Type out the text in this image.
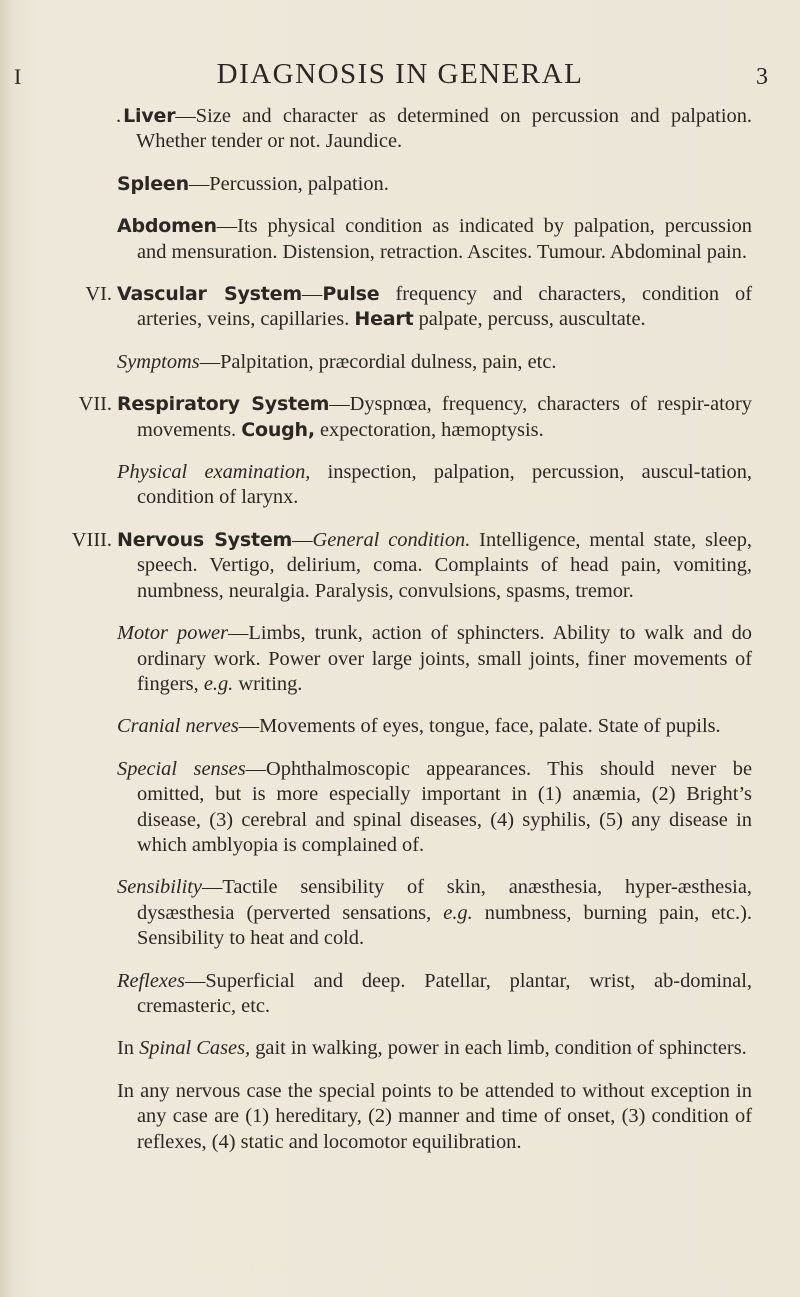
I	DIAGNOSIS IN GENERAL	3

. Liver—Size and character as determined on percussion and palpation. Whether tender or not. Jaundice.

Spleen—Percussion, palpation.

Abdomen—Its physical condition as indicated by palpation, percussion and mensuration. Distension, retraction. Ascites. Tumour. Abdominal pain.

VI. Vascular System—Pulse frequency and characters, condition of arteries, veins, capillaries. Heart palpate, percuss, auscultate.

Symptoms—Palpitation, præcordial dulness, pain, etc.

VII. Respiratory System—Dyspnœa, frequency, characters of respir-atory movements. Cough, expectoration, hæmoptysis.

Physical examination, inspection, palpation, percussion, auscul-tation, condition of larynx.

VIII. Nervous System—General condition. Intelligence, mental state, sleep, speech. Vertigo, delirium, coma. Complaints of head pain, vomiting, numbness, neuralgia. Paralysis, convulsions, spasms, tremor.

Motor power—Limbs, trunk, action of sphincters. Ability to walk and do ordinary work. Power over large joints, small joints, finer movements of fingers, e.g. writing.

Cranial nerves—Movements of eyes, tongue, face, palate. State of pupils.

Special senses—Ophthalmoscopic appearances. This should never be omitted, but is more especially important in (1) anæmia, (2) Bright’s disease, (3) cerebral and spinal diseases, (4) syphilis, (5) any disease in which amblyopia is complained of.

Sensibility—Tactile sensibility of skin, anæsthesia, hyper-æsthesia, dysæsthesia (perverted sensations, e.g. numbness, burning pain, etc.). Sensibility to heat and cold.

Reflexes—Superficial and deep. Patellar, plantar, wrist, ab-dominal, cremasteric, etc.

In Spinal Cases, gait in walking, power in each limb, condition of sphincters.

In any nervous case the special points to be attended to without exception in any case are (1) hereditary, (2) manner and time of onset, (3) condition of reflexes, (4) static and locomotor equilibration.
